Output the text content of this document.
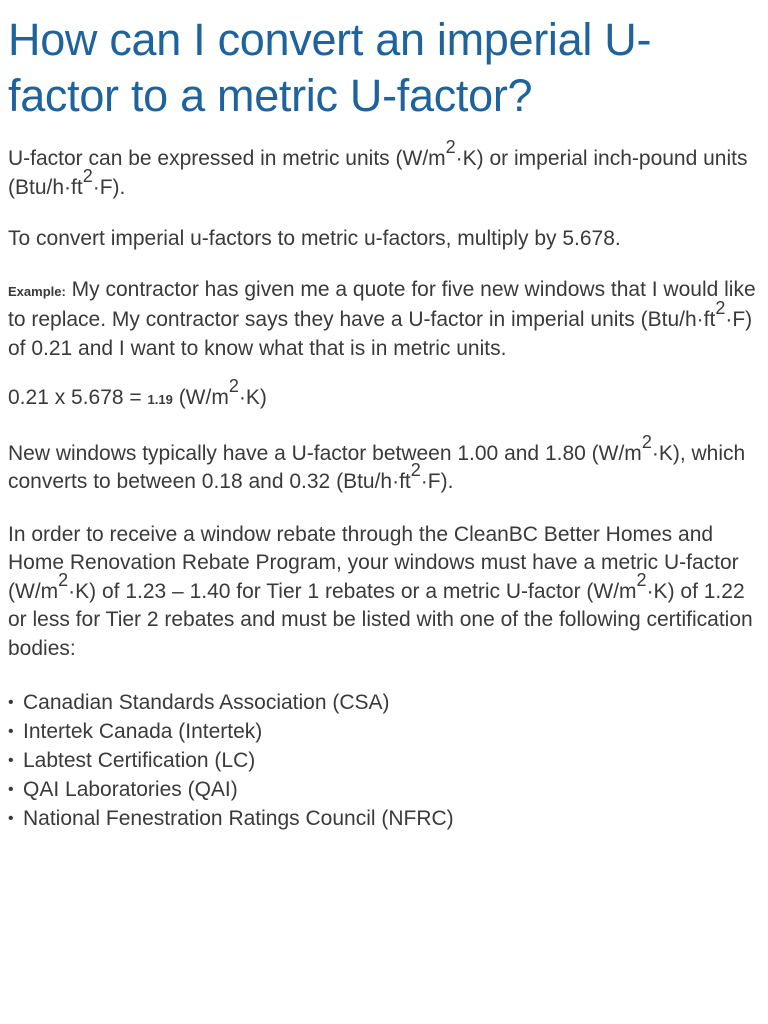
How can I convert an imperial U-factor to a metric U-factor?

U-factor can be expressed in metric units $(W/m^2\cdot K)$ or imperial inch-pound units $(Btu/h\cdot ft^2\cdot F)$.

To convert imperial u-factors to metric u-factors, multiply by 5.678.

Example: My contractor has given me a quote for five new windows that I would like to replace. My contractor says they have a U-factor in imperial units $(Btu/h\cdot ft^2\cdot F)$ of 0.21 and I want to know what that is in metric units.

0.21 x 5.678 = 1.19 $(W/m^2\cdot K)$

New windows typically have a U-factor between 1.00 and 1.80 $(W/m^2\cdot K)$, which converts to between 0.18 and 0.32 $(Btu/h\cdot ft^2\cdot F)$.

In order to receive a window rebate through the CleanBC Better Homes and Home Renovation Rebate Program, your windows must have a metric U-factor $(W/m^2\cdot K)$ of 1.23 – 1.40 for Tier 1 rebates or a metric U-factor $(W/m^2\cdot K)$ of 1.22 or less for Tier 2 rebates and must be listed with one of the following certification bodies:

• Canadian Standards Association (CSA)
• Intertek Canada (Intertek)
• Labtest Certification (LC)
• QAI Laboratories (QAI)
• National Fenestration Ratings Council (NFRC)
